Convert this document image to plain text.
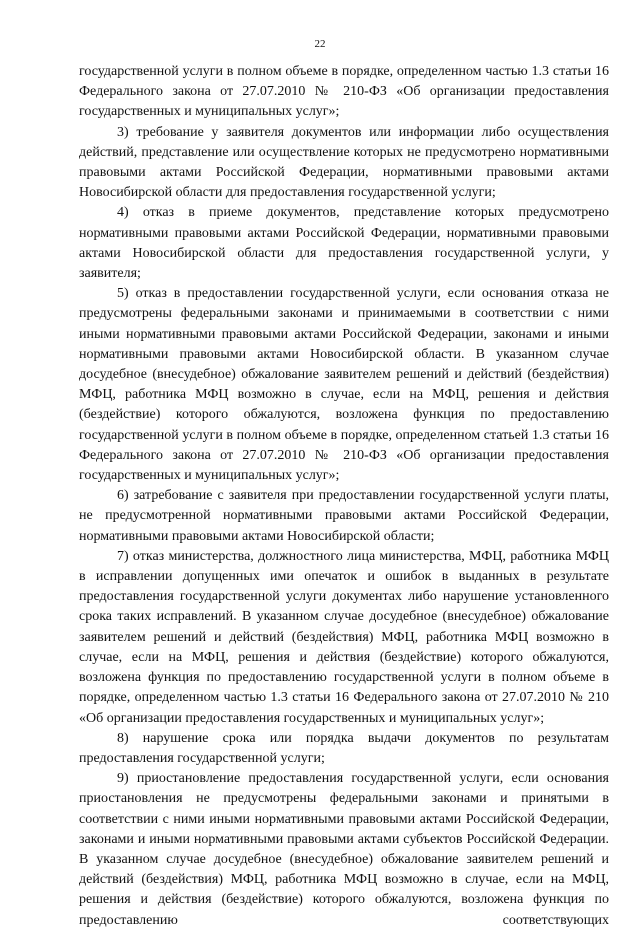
22

государственной услуги в полном объеме в порядке, определенном частью 1.3 статьи 16 Федерального закона от 27.07.2010 № 210-ФЗ «Об организации предоставления государственных и муниципальных услуг»;

3) требование у заявителя документов или информации либо осуществления действий, представление или осуществление которых не предусмотрено нормативными правовыми актами Российской Федерации, нормативными правовыми актами Новосибирской области для предоставления государственной услуги;

4) отказ в приеме документов, представление которых предусмотрено нормативными правовыми актами Российской Федерации, нормативными правовыми актами Новосибирской области для предоставления государственной услуги, у заявителя;

5) отказ в предоставлении государственной услуги, если основания отказа не предусмотрены федеральными законами и принимаемыми в соответствии с ними иными нормативными правовыми актами Российской Федерации, законами и иными нормативными правовыми актами Новосибирской области. В указанном случае досудебное (внесудебное) обжалование заявителем решений и действий (бездействия) МФЦ, работника МФЦ возможно в случае, если на МФЦ, решения и действия (бездействие) которого обжалуются, возложена функция по предоставлению государственной услуги в полном объеме в порядке, определенном статьей 1.3 статьи 16 Федерального закона от 27.07.2010 № 210-ФЗ «Об организации предоставления государственных и муниципальных услуг»;

6) затребование с заявителя при предоставлении государственной услуги платы, не предусмотренной нормативными правовыми актами Российской Федерации, нормативными правовыми актами Новосибирской области;

7) отказ министерства, должностного лица министерства, МФЦ, работника МФЦ в исправлении допущенных ими опечаток и ошибок в выданных в результате предоставления государственной услуги документах либо нарушение установленного срока таких исправлений. В указанном случае досудебное (внесудебное) обжалование заявителем решений и действий (бездействия) МФЦ, работника МФЦ возможно в случае, если на МФЦ, решения и действия (бездействие) которого обжалуются, возложена функция по предоставлению государственной услуги в полном объеме в порядке, определенном частью 1.3 статьи 16 Федерального закона от 27.07.2010 № 210 «Об организации предоставления государственных и муниципальных услуг»;

8) нарушение срока или порядка выдачи документов по результатам предоставления государственной услуги;

9) приостановление предоставления государственной услуги, если основания приостановления не предусмотрены федеральными законами и принятыми в соответствии с ними иными нормативными правовыми актами Российской Федерации, законами и иными нормативными правовыми актами субъектов Российской Федерации. В указанном случае досудебное (внесудебное) обжалование заявителем решений и действий (бездействия) МФЦ, работника МФЦ возможно в случае, если на МФЦ, решения и действия (бездействие) которого обжалуются, возложена функция по предоставлению соответствующих
